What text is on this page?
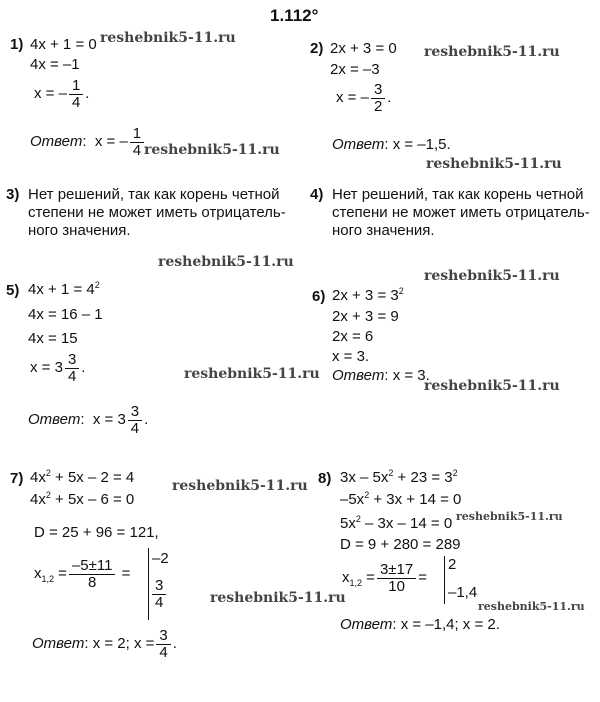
1.112°
1) 4x + 1 = 0
4x = –1
x = – $\frac{1}{4}$ .
Ответ:  x = – $\frac{1}{4}$
2) 2x + 3 = 0
2x = –3
x = – $\frac{3}{2}$ .
Ответ: x = –1,5.
3) Нет решений, так как корень четной степени не может иметь отрицательного значения.
4) Нет решений, так как корень четной степени не может иметь отрицательного значения.
5) $4x + 1 = 4^2$
4x = 16 – 1
4x = 15
$x = 3 \frac{3}{4}$ .
Ответ:  $x = 3 \frac{3}{4}$ .
6) $2x + 3 = 3^2$
2x + 3 = 9
2x = 6
x = 3.
Ответ: x = 3.
7) $4x^2 + 5x - 2 = 4$
$4x^2 + 5x - 6 = 0$
D = 25 + 96 = 121,
$x_{1,2} = \frac{-5\pm 11}{8}$ =
–2
$\frac{3}{4}$
Ответ: x = 2; $x = \frac{3}{4}$ .
8) $3x - 5x^2 + 23 = 3^2$
$-5x^2 + 3x + 14 = 0$
$5x^2 - 3x - 14 = 0$
D = 9 + 280 = 289
$x_{1,2} = \frac{3\pm 17}{10}$ =
2
–1,4
Ответ: x = –1,4; x = 2.
reshebnik5-11.ru
reshebnik5-11.ru
reshebnik5-11.ru
reshebnik5-11.ru
reshebnik5-11.ru
reshebnik5-11.ru
reshebnik5-11.ru
reshebnik5-11.ru
reshebnik5-11.ru
reshebnik5-11.ru
reshebnik5-11.ru
reshebnik5-11.ru
